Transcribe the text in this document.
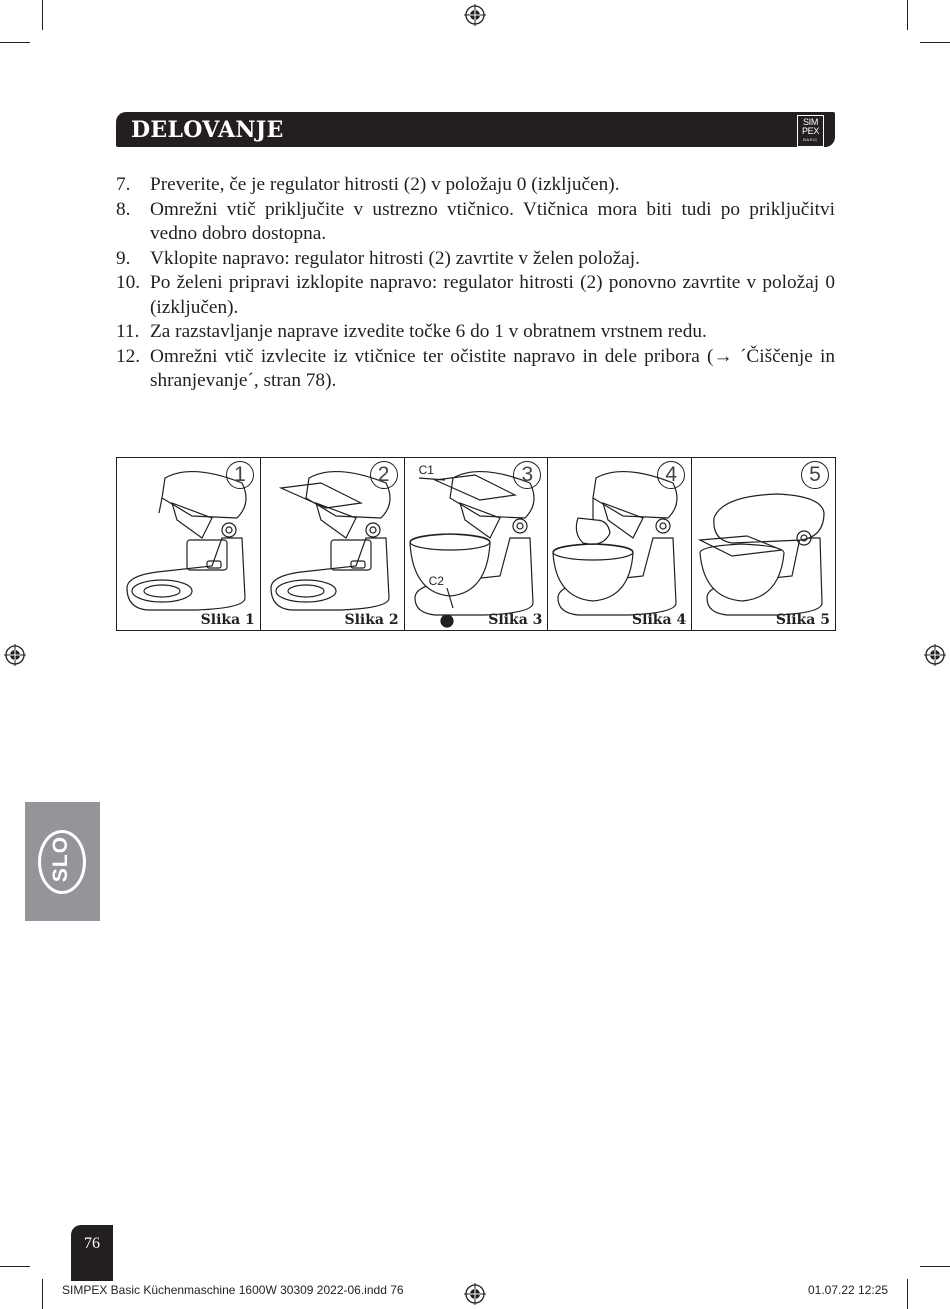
DELOVANJE	SIM
PEX
BASIC
7.	Preverite, če je regulator hitrosti (2) v položaju 0 (izključen).
8.	Omrežni vtič priključite v ustrezno vtičnico. Vtičnica mora biti tudi po priključitvi vedno dobro dostopna.
9.	Vklopite napravo: regulator hitrosti (2) zavrtite v želen položaj.
10. Po želeni pripravi izklopite napravo: regulator hitrosti (2) ponovno zavrtite v položaj 0 (izključen).
11. Za razstavljanje naprave izvedite točke 6 do 1 v obratnem vrstnem redu.
12. Omrežni vtič izvlecite iz vtičnice ter očistite napravo in dele pribora (→ ´Čiščenje in shranjevanje´, stran 78).
1
Slika 1
2
Slika 2
C1
C2
3
Slika 3
4
Slika 4
5
Slika 5
SLO
76
SIMPEX Basic Küchenmaschine 1600W 30309 2022-06.indd 76	01.07.22 12:25
